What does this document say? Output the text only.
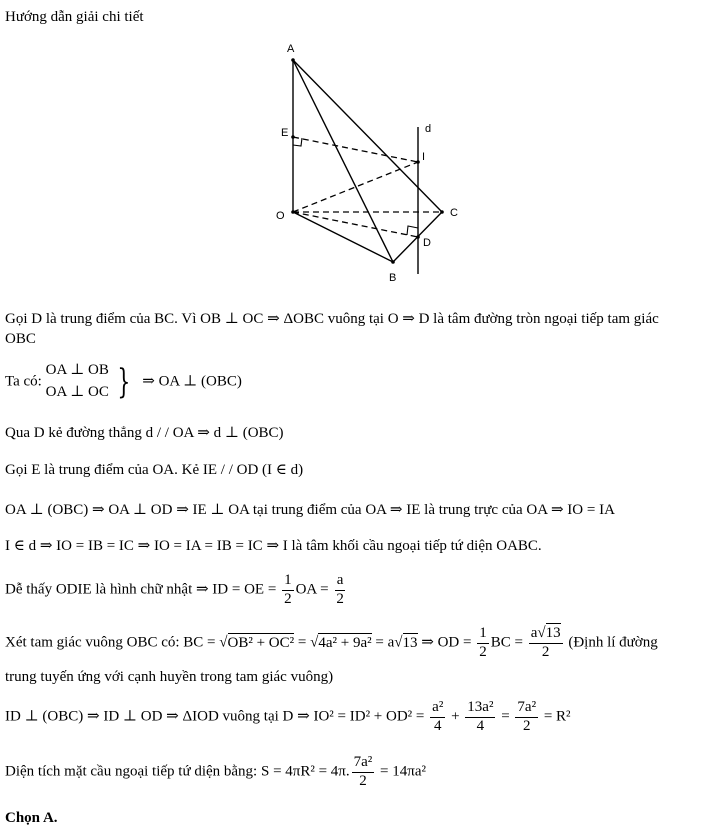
Hướng dẫn giải chi tiết
A
E	d
I
O	C
D
B
Gọi D là trung điểm của BC. Vì OB ⊥ OC ⇒ ΔOBC vuông tại O ⇒ D là tâm đường tròn ngoại tiếp tam giác
OBC
Ta có:
OA ⊥ OB
OA ⊥ OC } ⇒ OA ⊥ (OBC)
Qua D kẻ đường thẳng d / / OA ⇒ d ⊥ (OBC)
Gọi E là trung điểm của OA. Kẻ IE / / OD (I ∈ d)
OA ⊥ (OBC) ⇒ OA ⊥ OD ⇒ IE ⊥ OA tại trung điểm của OA ⇒ IE là trung trực của OA ⇒ IO = IA
I ∈ d ⇒ IO = IB = IC ⇒ IO = IA = IB = IC ⇒ I là tâm khối cầu ngoại tiếp tứ diện OABC.
Dễ thấy ODIE là hình chữ nhật ⇒ ID = OE = $\frac{1}{2}$ OA = $\frac{a}{2}$
Xét tam giác vuông OBC có: BC = √OB² + OC² = √4a² + 9a² = a√13 ⇒ OD = $\frac{1}{2}$ BC = $\frac{a√13}{2}$ (Định lí đường
trung tuyến ứng với cạnh huyền trong tam giác vuông)
ID ⊥ (OBC) ⇒ ID ⊥ OD ⇒ ΔIOD vuông tại D ⇒ $IO^2 = ID^2 + OD^2 = \frac{\text{a²}}{4} + \frac{\text{13a²}}{4} = \frac{\text{7a²}}{2} = R^2$
Diện tích mặt cầu ngoại tiếp tứ diện bằng: S = 4πR² = 4π. $\frac{\text{7a²}}{2} = 14\pi a^2$
Chọn A.
